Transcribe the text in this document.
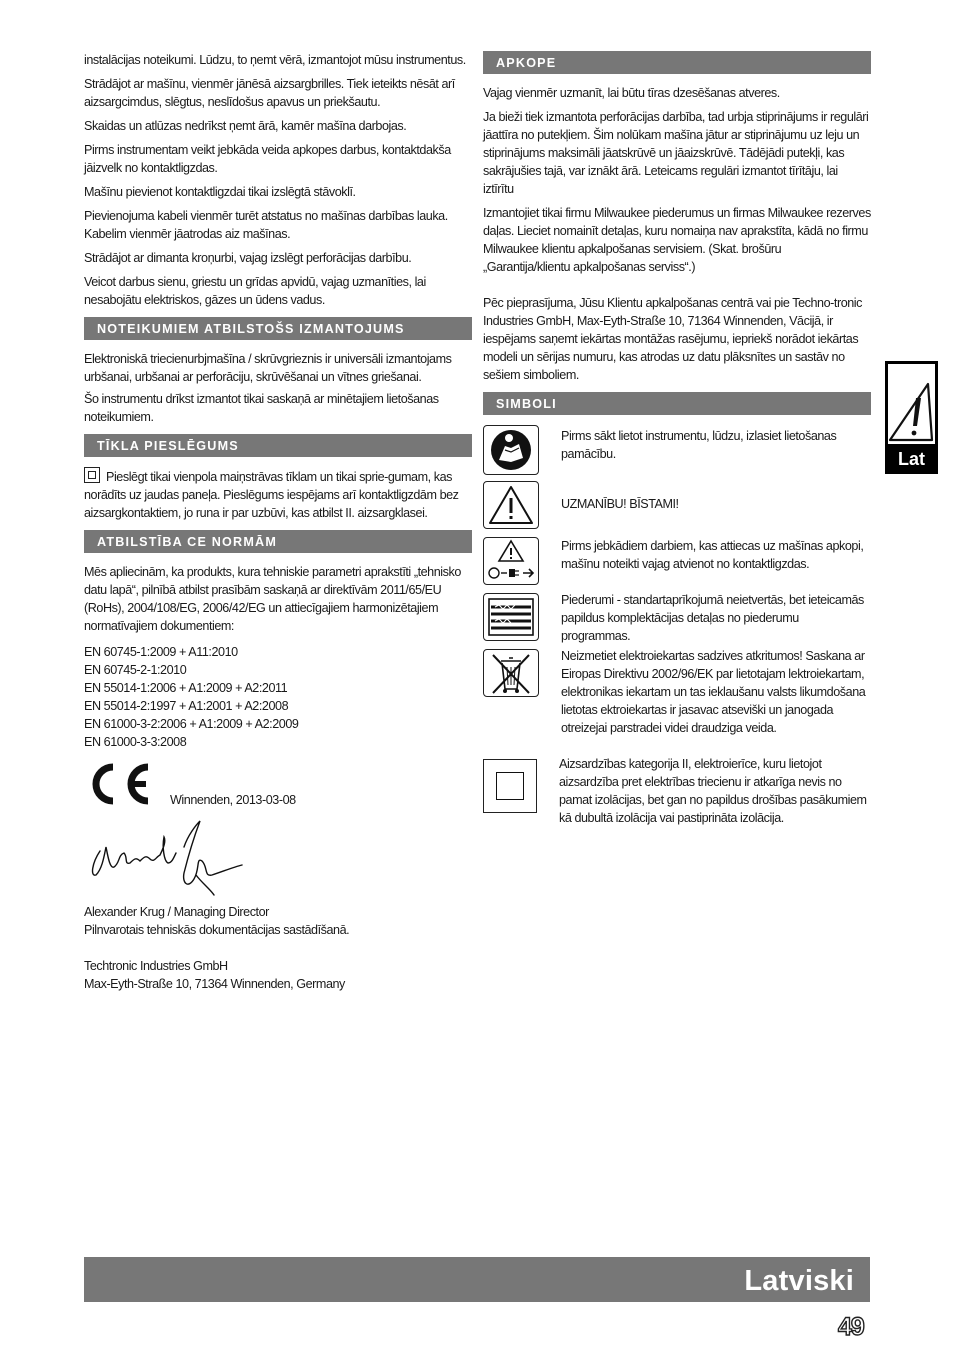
instalācijas noteikumi. Lūdzu, to ņemt vērā, izmantojot mūsu instrumentus.

Strādājot ar mašīnu, vienmēr jānēsā aizsargbrilles. Tiek ieteikts nēsāt arī aizsargcimdus, slēgtus, neslīdošus apavus un priekšautu.

Skaidas un atlūzas nedrīkst ņemt ārā, kamēr mašīna darbojas.

Pirms instrumentam veikt jebkāda veida apkopes darbus, kontaktdakša jāizvelk no kontaktligzdas.

Mašīnu pievienot kontaktligzdai tikai izslēgtā stāvoklī.

Pievienojuma kabeli vienmēr turēt atstatus no mašīnas darbības lauka. Kabelim vienmēr jāatrodas aiz mašīnas.

Strādājot ar dimanta kroņurbi, vajag izslēgt perforācijas darbību.

Veicot darbus sienu, griestu un grīdas apvidū, vajag uzmanīties, lai nesabojātu elektriskos, gāzes un ūdens vadus.

NOTEIKUMIEM ATBILSTOŠS IZMANTOJUMS

Elektroniskā triecienurbjmašīna / skrūvgrieznis ir universāli izmantojams urbšanai, urbšanai ar perforāciju, skrūvēšanai un vītnes griešanai.

Šo instrumentu drīkst izmantot tikai saskaņā ar minētajiem lietošanas noteikumiem.

TĪKLA PIESLĒGUMS

Pieslēgt tikai vienpola maiņstrāvas tīklam un tikai sprie-gumam, kas norādīts uz jaudas paneļa. Pieslēgums iespējams arī kontaktligzdām bez aizsargkontaktiem, jo runa ir par uzbūvi, kas atbilst II. aizsargklasei.

ATBILSTĪBA CE NORMĀM

Mēs apliecinām, ka produkts, kura tehniskie parametri aprakstīti „tehnisko datu lapā“, pilnībā atbilst prasībām saskaņā ar direktīvām 2011/65/EU (RoHs), 2004/108/EG, 2006/42/EG un attiecīgajiem harmonizētajiem normatīvajiem dokumentiem:

EN 60745-1:2009 + A11:2010
EN 60745-2-1:2010
EN 55014-1:2006 + A1:2009 + A2:2011
EN 55014-2:1997 + A1:2001 + A2:2008
EN 61000-3-2:2006 + A1:2009 + A2:2009
EN 61000-3-3:2008
Winnenden, 2013-03-08
Alexander Krug / Managing Director
Pilnvarotais tehniskās dokumentācijas sastādīšanā.
Techtronic Industries GmbH
Max-Eyth-Straße 10, 71364 Winnenden, Germany
APKOPE

Vajag vienmēr uzmanīt, lai būtu tīras dzesēšanas atveres.

Ja bieži tiek izmantota perforācijas darbība, tad urbja stiprinājums ir regulāri jāattīra no putekļiem. Šim nolūkam mašīna jātur ar stiprinājumu uz leju un stiprinājums maksimāli jāatskrūvē un jāaizskrūvē. Tādējādi putekļi, kas sakrājušies tajā, var iznākt ārā. Leteicams regulāri izmantot tīrītāju, lai iztīrītu

Izmantojiet tikai firmu Milwaukee piederumus un firmas Milwaukee rezerves daļas. Lieciet nomainīt detaļas, kuru nomaiņa nav aprakstīta, kādā no firmu Milwaukee klientu apkalpošanas servisiem. (Skat. brošūru „Garantija/klientu apkalpošanas serviss“.)

Pēc pieprasījuma, Jūsu Klientu apkalpošanas centrā vai pie Techno-tronic Industries GmbH, Max-Eyth-Straße 10, 71364 Winnenden, Vācijā, ir iespējams saņemt iekārtas montāžas rasējumu, iepriekš norādot iekārtas modeli un sērijas numuru, kas atrodas uz datu plāksnītes un sastāv no sešiem simboliem.

SIMBOLI
Pirms sākt lietot instrumentu, lūdzu, izlasiet lietošanas pamācību.
UZMANĪBU! BĪSTAMI!
Pirms jebkādiem darbiem, kas attiecas uz mašīnas apkopi, mašīnu noteikti vajag atvienot no kontaktligzdas.
Piederumi - standartaprīkojumā neietvertās, bet ieteicamās papildus komplektācijas detaļas no piederumu programmas.
Neizmetiet elektroiekartas sadzives atkritumos! Saskana ar Eiropas Direktivu 2002/96/EK par lietotajam lektroiekartam, elektronikas iekartam un tas ieklaušanu valsts likumdošana lietotas ektroiekartas ir jasavac atseviški un janogada otreizejai parstradei videi draudziga veida.
Aizsardzības kategorija II, elektroierīce, kuru lietojot aizsardzība pret elektrības triecienu ir atkarīga nevis no pamat izolācijas, bet gan no papildus drošības pasākumiem kā dubultā izolācija vai pastiprināta izolācija.
Lat
Latviski
49
